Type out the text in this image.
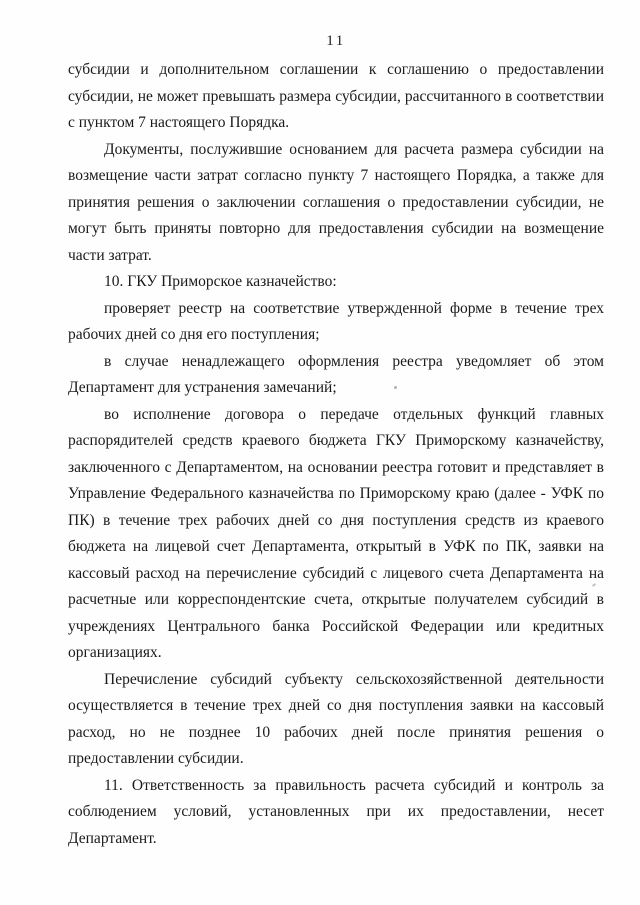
11
субсидии и дополнительном соглашении к соглашению о предоставлении
субсидии, не может превышать размера субсидии, рассчитанного в соответствии
с пунктом 7 настоящего Порядка.
Документы, послужившие основанием для расчета размера субсидии на
возмещение части затрат согласно пункту 7 настоящего Порядка, а также для
принятия решения о заключении соглашения о предоставлении субсидии, не
могут быть приняты повторно для предоставления субсидии на возмещение
части затрат.
10. ГКУ Приморское казначейство:
проверяет реестр на соответствие утвержденной форме в течение трех
рабочих дней со дня его поступления;
в случае ненадлежащего оформления реестра уведомляет об этом
Департамент для устранения замечаний;
во исполнение договора о передаче отдельных функций главных
распорядителей средств краевого бюджета ГКУ Приморскому казначейству,
заключенного с Департаментом, на основании реестра готовит и представляет в
Управление Федерального казначейства по Приморскому краю (далее - УФК по
ПК) в течение трех рабочих дней со дня поступления средств из краевого
бюджета на лицевой счет Департамента, открытый в УФК по ПК, заявки на
кассовый расход на перечисление субсидий с лицевого счета Департамента на
расчетные или корреспондентские счета, открытые получателем субсидий в
учреждениях Центрального банка Российской Федерации или кредитных
организациях.
Перечисление субсидий субъекту сельскохозяйственной деятельности
осуществляется в течение трех дней со дня поступления заявки на кассовый
расход, но не позднее 10 рабочих дней после принятия решения о
предоставлении субсидии.
11. Ответственность за правильность расчета субсидий и контроль за
соблюдением условий, установленных при их предоставлении, несет
Департамент.
